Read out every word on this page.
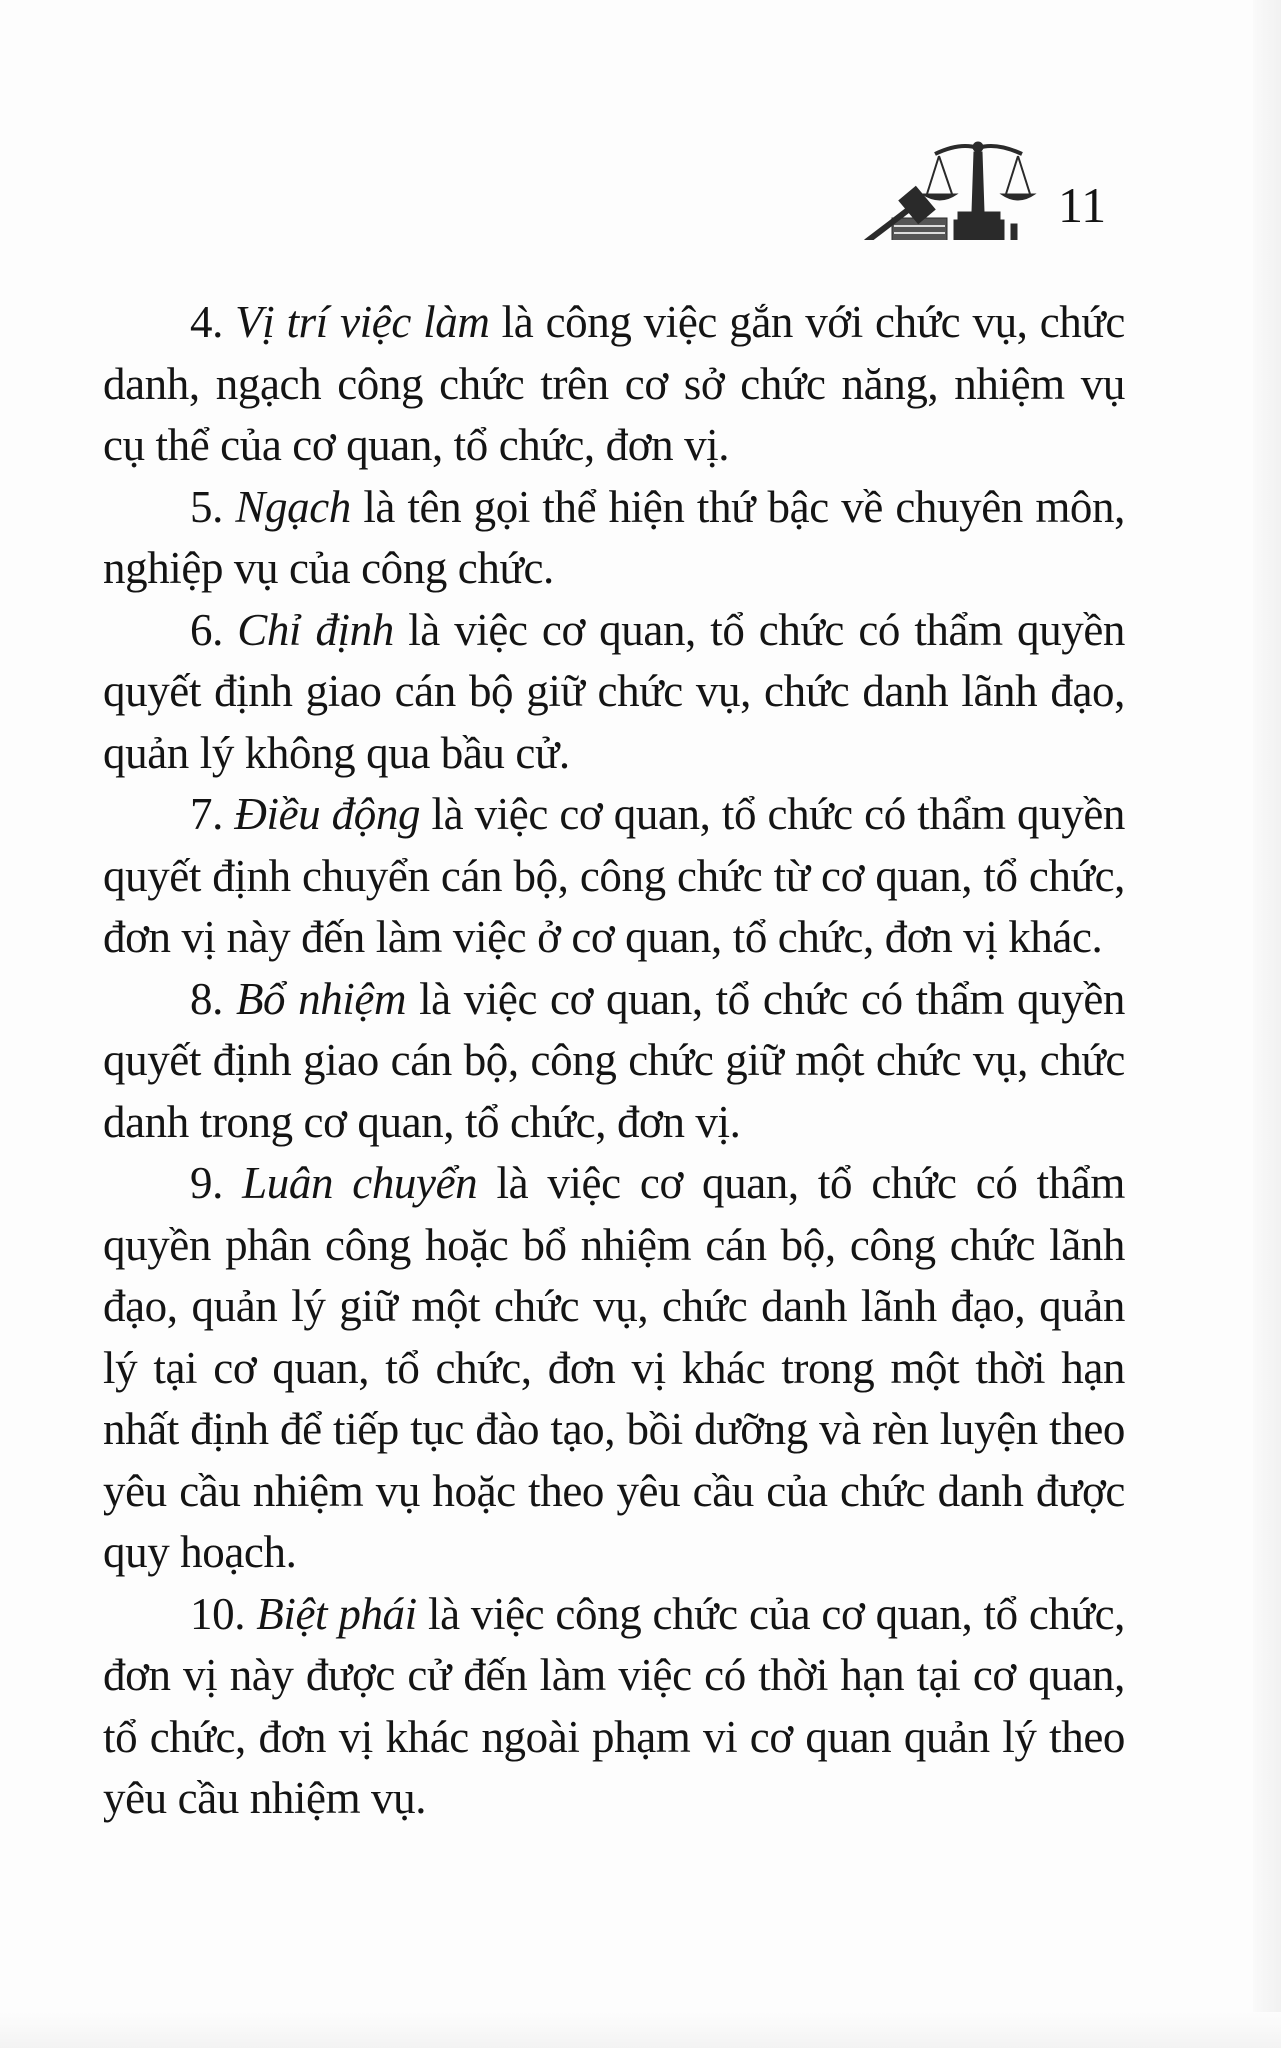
11

4. Vị trí việc làm là công việc gắn với chức vụ, chức danh, ngạch công chức trên cơ sở chức năng, nhiệm vụ cụ thể của cơ quan, tổ chức, đơn vị.

5. Ngạch là tên gọi thể hiện thứ bậc về chuyên môn, nghiệp vụ của công chức.

6. Chỉ định là việc cơ quan, tổ chức có thẩm quyền quyết định giao cán bộ giữ chức vụ, chức danh lãnh đạo, quản lý không qua bầu cử.

7. Điều động là việc cơ quan, tổ chức có thẩm quyền quyết định chuyển cán bộ, công chức từ cơ quan, tổ chức, đơn vị này đến làm việc ở cơ quan, tổ chức, đơn vị khác.

8. Bổ nhiệm là việc cơ quan, tổ chức có thẩm quyền quyết định giao cán bộ, công chức giữ một chức vụ, chức danh trong cơ quan, tổ chức, đơn vị.

9. Luân chuyển là việc cơ quan, tổ chức có thẩm quyền phân công hoặc bổ nhiệm cán bộ, công chức lãnh đạo, quản lý giữ một chức vụ, chức danh lãnh đạo, quản lý tại cơ quan, tổ chức, đơn vị khác trong một thời hạn nhất định để tiếp tục đào tạo, bồi dưỡng và rèn luyện theo yêu cầu nhiệm vụ hoặc theo yêu cầu của chức danh được quy hoạch.

10. Biệt phái là việc công chức của cơ quan, tổ chức, đơn vị này được cử đến làm việc có thời hạn tại cơ quan, tổ chức, đơn vị khác ngoài phạm vi cơ quan quản lý theo yêu cầu nhiệm vụ.
